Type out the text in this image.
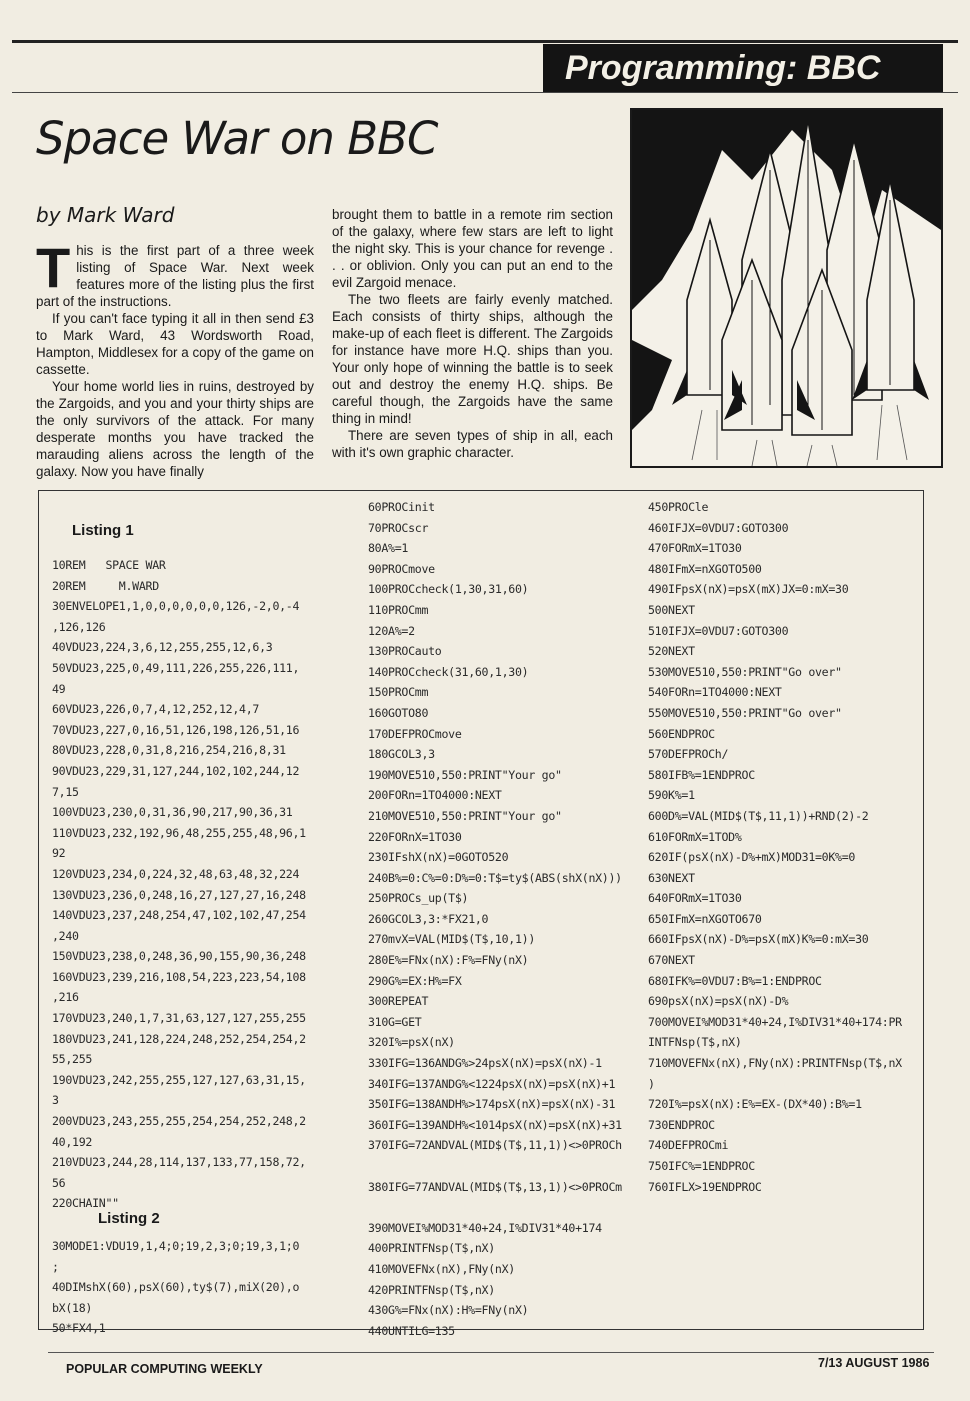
Programming: BBC
Space War on BBC
by Mark Ward

This is the first part of a three week listing of Space War. Next week features more of the listing plus the first part of the instructions.

If you can't face typing it all in then send £3 to Mark Ward, 43 Wordsworth Road, Hampton, Middlesex for a copy of the game on cassette.

Your home world lies in ruins, destroyed by the Zargoids, and you and your thirty ships are the only survivors of the attack. For many desperate months you have tracked the marauding aliens across the length of the galaxy. Now you have finally

brought them to battle in a remote rim section of the galaxy, where few stars are left to light the night sky. This is your chance for revenge . . . or oblivion. Only you can put an end to the evil Zargoid menace.

The two fleets are fairly evenly matched. Each consists of thirty ships, although the make-up of each fleet is different. The Zargoids for instance have more H.Q. ships than you. Your only hope of winning the battle is to seek out and destroy the enemy H.Q. ships. Be careful though, the Zargoids have the same thing in mind!

There are seven types of ship in all, each with it's own graphic character.

Listing 1
Listing 2
10REM   SPACE WAR
20REM     M.WARD
30ENVELOPE1,1,0,0,0,0,0,0,126,-2,0,-4
,126,126
40VDU23,224,3,6,12,255,255,12,6,3
50VDU23,225,0,49,111,226,255,226,111,
49
60VDU23,226,0,7,4,12,252,12,4,7
70VDU23,227,0,16,51,126,198,126,51,16
80VDU23,228,0,31,8,216,254,216,8,31
90VDU23,229,31,127,244,102,102,244,12
7,15
100VDU23,230,0,31,36,90,217,90,36,31
110VDU23,232,192,96,48,255,255,48,96,1
92
120VDU23,234,0,224,32,48,63,48,32,224
130VDU23,236,0,248,16,27,127,27,16,248
140VDU23,237,248,254,47,102,102,47,254
,240
150VDU23,238,0,248,36,90,155,90,36,248
160VDU23,239,216,108,54,223,223,54,108
,216
170VDU23,240,1,7,31,63,127,127,255,255
180VDU23,241,128,224,248,252,254,254,2
55,255
190VDU23,242,255,255,127,127,63,31,15,
3
200VDU23,243,255,255,254,254,252,248,2
40,192
210VDU23,244,28,114,137,133,77,158,72,
56
220CHAIN""
30MODE1:VDU19,1,4;0;19,2,3;0;19,3,1;0
;
40DIMshX(60),psX(60),ty$(7),miX(20),o
bX(18)
50*FX4,1
60PROCinit
70PROCscr
80A%=1
90PROCmove
100PROCcheck(1,30,31,60)
110PROCmm
120A%=2
130PROCauto
140PROCcheck(31,60,1,30)
150PROCmm
160GOTO80
170DEFPROCmove
180GCOL3,3
190MOVE510,550:PRINT"Your go"
200FORn=1TO4000:NEXT
210MOVE510,550:PRINT"Your go"
220FORnX=1TO30
230IFshX(nX)=0GOTO520
240B%=0:C%=0:D%=0:T$=ty$(ABS(shX(nX)))
250PROCs_up(T$)
260GCOL3,3:*FX21,0
270mvX=VAL(MID$(T$,10,1))
280E%=FNx(nX):F%=FNy(nX)
290G%=EX:H%=FX
300REPEAT
310G=GET
320I%=psX(nX)
330IFG=136ANDG%>24psX(nX)=psX(nX)-1
340IFG=137ANDG%<1224psX(nX)=psX(nX)+1
350IFG=138ANDH%>174psX(nX)=psX(nX)-31
360IFG=139ANDH%<1014psX(nX)=psX(nX)+31
370IFG=72ANDVAL(MID$(T$,11,1))<>0PROCh
380IFG=77ANDVAL(MID$(T$,13,1))<>0PROCm
390MOVEI%MOD31*40+24,I%DIV31*40+174
400PRINTFNsp(T$,nX)
410MOVEFNx(nX),FNy(nX)
420PRINTFNsp(T$,nX)
430G%=FNx(nX):H%=FNy(nX)
440UNTILG=135
450PROCle
460IFJX=0VDU7:GOTO300
470FORmX=1TO30
480IFmX=nXGOTO500
490IFpsX(nX)=psX(mX)JX=0:mX=30
500NEXT
510IFJX=0VDU7:GOTO300
520NEXT
530MOVE510,550:PRINT"Go over"
540FORn=1TO4000:NEXT
550MOVE510,550:PRINT"Go over"
560ENDPROC
570DEFPROCh/
580IFB%=1ENDPROC
590K%=1
600D%=VAL(MID$(T$,11,1))+RND(2)-2
610FORmX=1TOD%
620IF(psX(nX)-D%+mX)MOD31=0K%=0
630NEXT
640FORmX=1TO30
650IFmX=nXGOTO670
660IFpsX(nX)-D%=psX(mX)K%=0:mX=30
670NEXT
680IFK%=0VDU7:B%=1:ENDPROC
690psX(nX)=psX(nX)-D%
700MOVEI%MOD31*40+24,I%DIV31*40+174:PR
INTFNsp(T$,nX)
710MOVEFNx(nX),FNy(nX):PRINTFNsp(T$,nX
)
720I%=psX(nX):E%=EX-(DX*40):B%=1
730ENDPROC
740DEFPROCmi
750IFC%=1ENDPROC
760IFLX>19ENDPROC
POPULAR COMPUTING WEEKLY	7/13 AUGUST 1986
